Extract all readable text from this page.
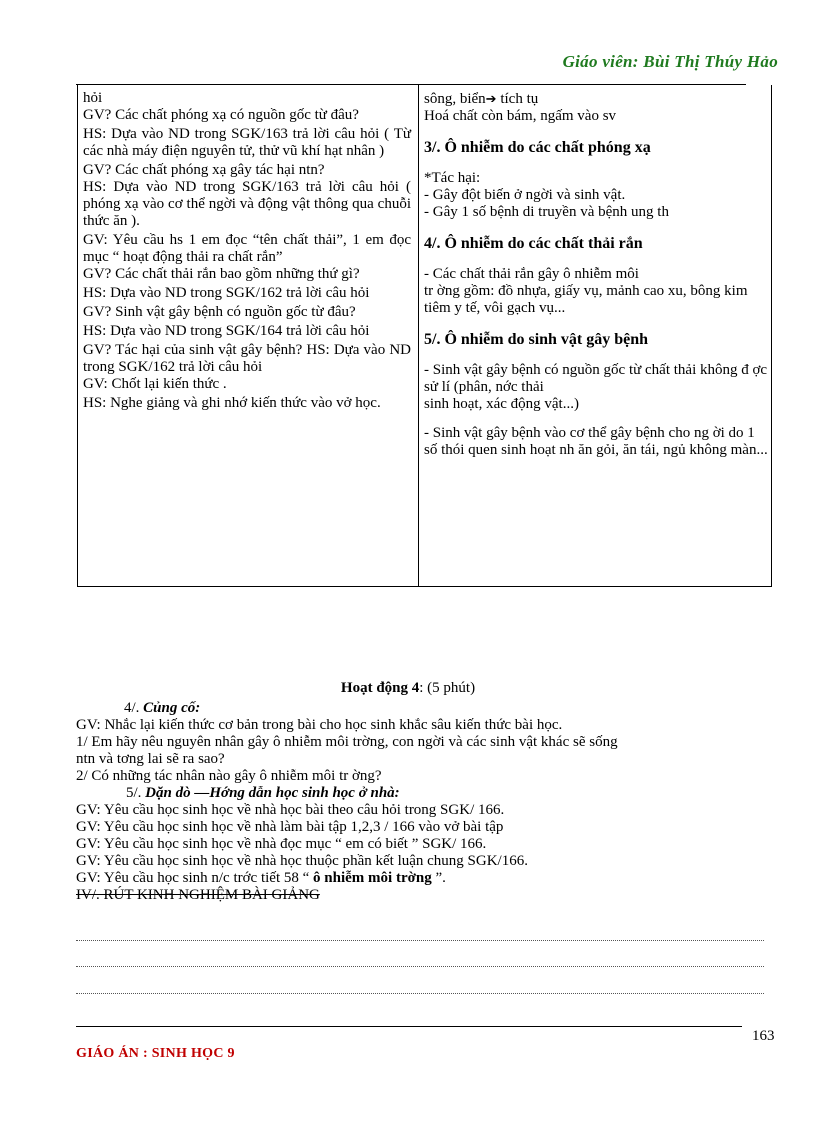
Giáo viên: Bùi Thị Thúy Hảo

hỏi

GV? Các chất phóng xạ có nguồn gốc từ đâu?

HS: Dựa vào ND trong SGK/163 trả lời câu hỏi ( Từ các nhà máy điện nguyên tử, thử vũ khí hạt nhân )

GV? Các chất phóng xạ gây tác hại ntn?

HS: Dựa vào ND trong SGK/163 trả lời câu hỏi ( phóng xạ vào cơ thể ngời và động vật thông qua chuỗi thức ăn ).

GV: Yêu cầu hs 1 em đọc “tên chất thải”, 1 em đọc mục “ hoạt động thải ra chất rắn”

GV? Các chất thải rắn bao gồm những thứ gì?

HS: Dựa vào ND trong SGK/162 trả lời câu hỏi

GV? Sinh vật gây bệnh có nguồn gốc từ đâu?

HS: Dựa vào ND trong SGK/164 trả lời câu hỏi

GV? Tác hại của sinh vật gây bệnh? HS: Dựa vào ND trong SGK/162 trả lời câu hỏi

GV: Chốt lại kiến thức .

HS: Nghe giảng và ghi nhớ kiến thức vào vở học.

sông, biển➔ tích tụ

Hoá chất còn bám, ngấm vào sv

3/. Ô nhiễm do các chất phóng xạ

*Tác hại:

- Gây đột biến ở ngời và sinh vật.

- Gây 1 số bệnh di truyền và bệnh ung th

4/. Ô nhiễm do các chất thải rắn

- Các chất thải rắn gây ô nhiễm môi

tr ờng gồm: đồ nhựa, giấy vụ, mảnh cao xu, bông kim tiêm y tế, vôi gạch vụ...

5/. Ô nhiễm do sinh vật gây bệnh

- Sinh vật gây bệnh có nguồn gốc từ chất thải không đ ợc sử lí (phân, nớc thải

sinh hoạt, xác động vật...)

- Sinh vật gây bệnh vào cơ thể gây bệnh cho ng ời do 1 số thói quen sinh hoạt nh ăn gỏi, ăn tái, ngủ không màn...

Hoạt động 4: (5 phút)
4/. Củng cố:
GV: Nhắc lại kiến thức cơ bản trong bài cho học sinh khắc sâu kiến thức bài học.
1/ Em hãy nêu nguyên nhân gây ô nhiễm môi trờng, con ngời và các sinh vật khác sẽ sống
ntn và tơng lai sẽ ra sao?
2/ Có những tác nhân nào gây ô nhiễm môi tr ờng?
5/. Dặn dò —Hớng dẫn học sinh học ở nhà:
GV: Yêu cầu học sinh học về nhà học bài theo câu hỏi trong SGK/ 166.
GV: Yêu cầu học sinh học về nhà làm bài tập 1,2,3 / 166 vào vở bài tập
GV: Yêu cầu học sinh học về nhà đọc mục “ em có biết ” SGK/ 166.
GV: Yêu cầu học sinh học về nhà học thuộc phần kết luận chung SGK/166.
GV: Yêu cầu học sinh n/c trớc tiết 58 “ ô nhiễm môi trờng ”.
IV/. RÚT KINH NGHIỆM BÀI GIẢNG
163
GIÁO ÁN : SINH HỌC 9
